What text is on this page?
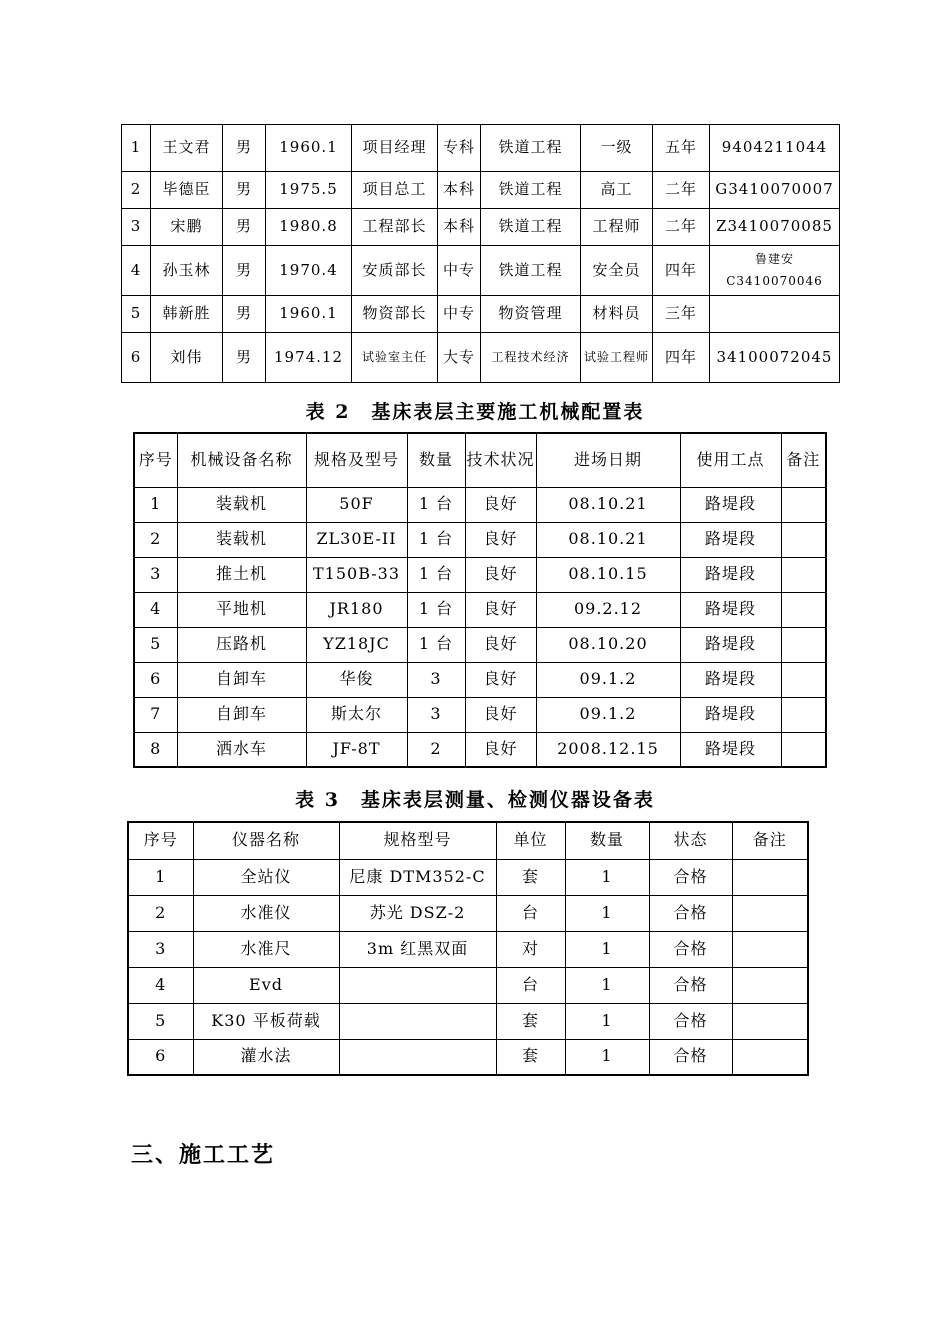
1	王文君	男	1960.1	项目经理	专科	铁道工程	一级	五年	9404211044
2	毕德臣	男	1975.5	项目总工	本科	铁道工程	高工	二年	G3410070007
3	宋鹏	男	1980.8	工程部长	本科	铁道工程	工程师	二年	Z3410070085
4	孙玉林	男	1970.4	安质部长	中专	铁道工程	安全员	四年	鲁建安 C3410070046
5	韩新胜	男	1960.1	物资部长	中专	物资管理	材料员	三年	
6	刘伟	男	1974.12	试验室主任	大专	工程技术经济	试验工程师	四年	34100072045
表 2　基床表层主要施工机械配置表
序号	机械设备名称	规格及型号	数量	技术状况	进场日期	使用工点	备注
1	装载机	50F	1 台	良好	08.10.21	路堤段	
2	装载机	ZL30E-II	1 台	良好	08.10.21	路堤段	
3	推土机	T150B-33	1 台	良好	08.10.15	路堤段	
4	平地机	JR180	1 台	良好	09.2.12	路堤段	
5	压路机	YZ18JC	1 台	良好	08.10.20	路堤段	
6	自卸车	华俊	3	良好	09.1.2	路堤段	
7	自卸车	斯太尔	3	良好	09.1.2	路堤段	
8	洒水车	JF-8T	2	良好	2008.12.15	路堤段	
表 3　基床表层测量、检测仪器设备表
序号	仪器名称	规格型号	单位	数量	状态	备注
1	全站仪	尼康 DTM352-C	套	1	合格	
2	水准仪	苏光 DSZ-2	台	1	合格	
3	水准尺	3m 红黑双面	对	1	合格	
4	Evd		台	1	合格	
5	K30 平板荷载		套	1	合格	
6	灌水法		套	1	合格	
三、施工工艺
